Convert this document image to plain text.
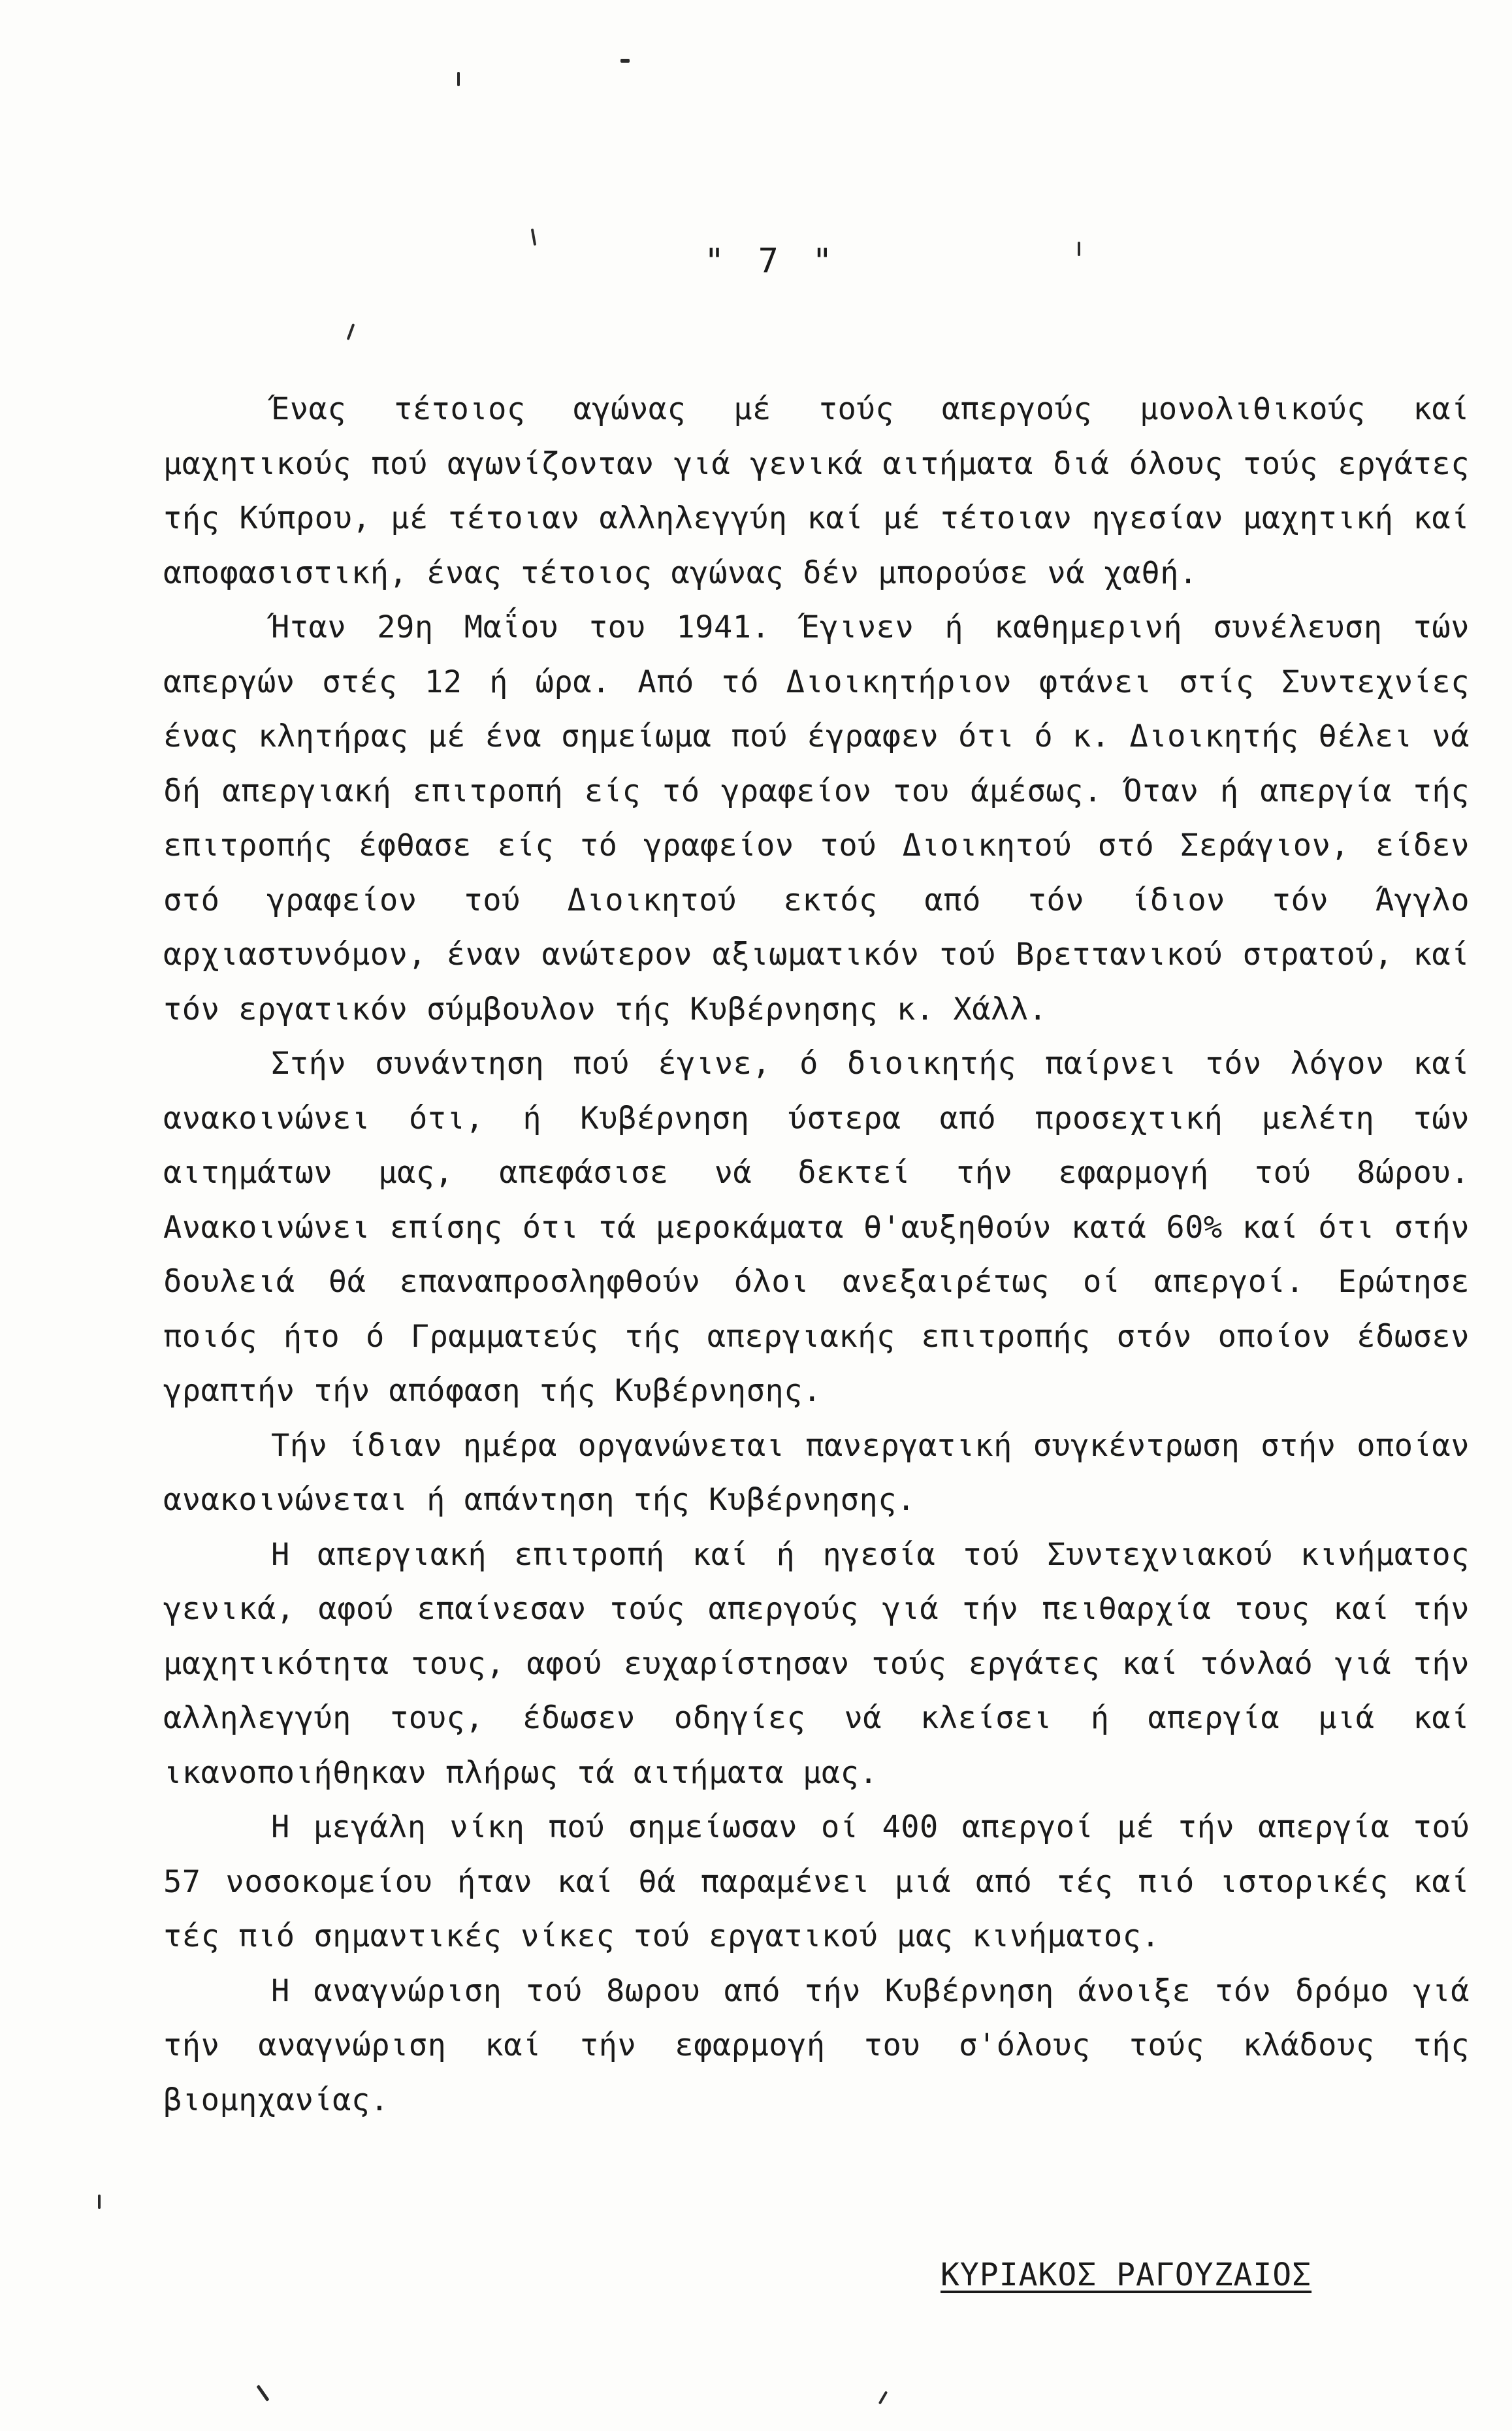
" 7 "

Ένας τέτοιος αγώνας μέ τούς απεργούς μονολιθικούς καί μαχητικούς πού αγωνίζονταν γιά γενικά αιτήματα διά όλους τούς εργάτες τής Κύπρου, μέ τέτοιαν αλληλεγγύη καί μέ τέτοιαν ηγεσίαν μαχητική καί αποφασιστική, ένας τέτοιος αγώνας δέν μπορούσε νά χαθή.

Ήταν 29η Μαΐου του 1941. Έγινεν ή καθημερινή συνέλευση τών απεργών στές 12 ή ώρα. Από τό Διοικητήριον φτάνει στίς Συντεχνίες ένας κλητήρας μέ ένα σημείωμα πού έγραφεν ότι ό κ. Διοικητής θέλει νά δή απεργιακή επιτροπή είς τό γραφείον του άμέσως. Όταν ή απεργία τής επιτροπής έφθασε είς τό γραφείον τού Διοικητού στό Σεράγιον, είδεν στό γραφείον τού Διοικητού εκτός από τόν ίδιον τόν Άγγλο αρχιαστυνόμον, έναν ανώτερον αξιωματικόν τού Βρεττανικού στρατού, καί τόν εργατικόν σύμβουλον τής Κυβέρνησης κ. Χάλλ.

Στήν συνάντηση πού έγινε, ό διοικητής παίρνει τόν λόγον καί ανακοινώνει ότι, ή Κυβέρνηση ύστερα από προσεχτική μελέτη τών αιτημάτων μας, απεφάσισε νά δεκτεί τήν εφαρμογή τού 8ώρου. Ανακοινώνει επίσης ότι τά μεροκάματα θ'αυξηθούν κατά 60% καί ότι στήν δουλειά θά επαναπροσληφθούν όλοι ανεξαιρέτως οί απεργοί. Ερώτησε ποιός ήτο ό Γραμματεύς τής απεργιακής επιτροπής στόν οποίον έδωσεν γραπτήν τήν απόφαση τής Κυβέρνησης.

Τήν ίδιαν ημέρα οργανώνεται πανεργατική συγκέντρωση στήν οποίαν ανακοινώνεται ή απάντηση τής Κυβέρνησης.

Η απεργιακή επιτροπή καί ή ηγεσία τού Συντεχνιακού κινήματος γενικά, αφού επαίνεσαν τούς απεργούς γιά τήν πειθαρχία τους καί τήν μαχητικότητα τους, αφού ευχαρίστησαν τούς εργάτες καί τόνλαό γιά τήν αλληλεγγύη τους, έδωσεν οδηγίες νά κλείσει ή απεργία μιά καί ικανοποιήθηκαν πλήρως τά αιτήματα μας.

Η μεγάλη νίκη πού σημείωσαν οί 400 απεργοί μέ τήν απεργία τού 57 νοσοκομείου ήταν καί θά παραμένει μιά από τές πιό ιστορικές καί τές πιό σημαντικές νίκες τού εργατικού μας κινήματος.

Η αναγνώριση τού 8ωρου από τήν Κυβέρνηση άνοιξε τόν δρόμο γιά τήν αναγνώριση καί τήν εφαρμογή του σ'όλους τούς κλάδους τής βιομηχανίας.

ΚΥΡΙΑΚΟΣ ΡΑΓΟΥΖΑΙΟΣ
